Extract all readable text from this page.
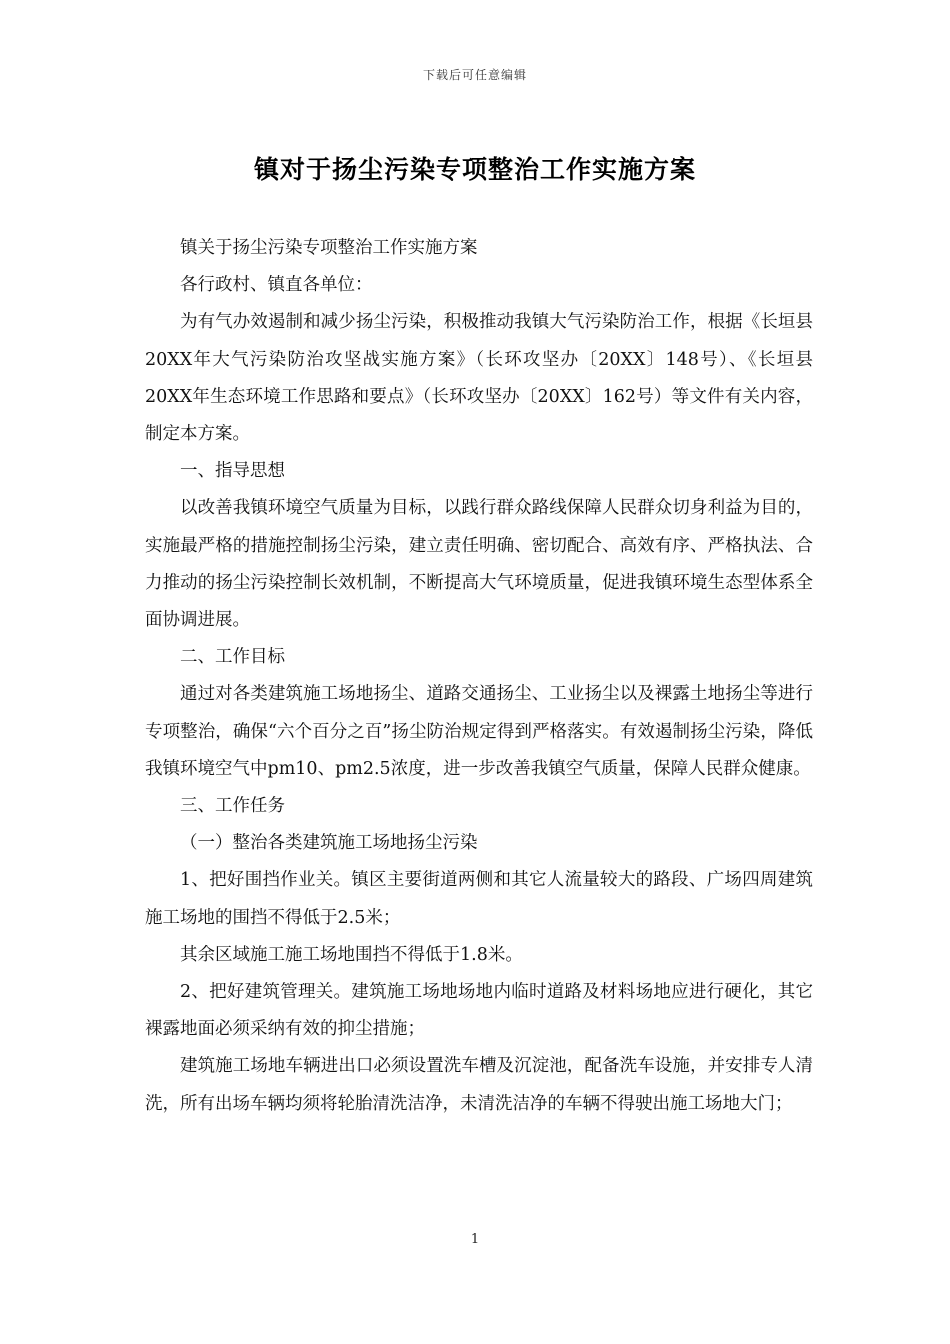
下载后可任意编辑
镇对于扬尘污染专项整治工作实施方案

镇关于扬尘污染专项整治工作实施方案

各行政村、镇直各单位：

为有气办效遏制和减少扬尘污染，积极推动我镇大气污染防治工作，根据《长垣县20XX年大气污染防治攻坚战实施方案》（长环攻坚办〔20XX〕148号）、《长垣县20XX年生态环境工作思路和要点》（长环攻坚办〔20XX〕162号）等文件有关内容，制定本方案。

一、指导思想

以改善我镇环境空气质量为目标，以践行群众路线保障人民群众切身利益为目的，实施最严格的措施控制扬尘污染，建立责任明确、密切配合、高效有序、严格执法、合力推动的扬尘污染控制长效机制，不断提高大气环境质量，促进我镇环境生态型体系全面协调进展。

二、工作目标

通过对各类建筑施工场地扬尘、道路交通扬尘、工业扬尘以及裸露土地扬尘等进行专项整治，确保“六个百分之百”扬尘防治规定得到严格落实。有效遏制扬尘污染，降低我镇环境空气中pm10、pm2.5浓度，进一步改善我镇空气质量，保障人民群众健康。

三、工作任务

（一）整治各类建筑施工场地扬尘污染

1、把好围挡作业关。镇区主要街道两侧和其它人流量较大的路段、广场四周建筑施工场地的围挡不得低于2.5米；

其余区域施工施工场地围挡不得低于1.8米。

2、把好建筑管理关。建筑施工场地场地内临时道路及材料场地应进行硬化，其它裸露地面必须采纳有效的抑尘措施；

建筑施工场地车辆进出口必须设置洗车槽及沉淀池，配备洗车设施，并安排专人清洗，所有出场车辆均须将轮胎清洗洁净，未清洗洁净的车辆不得驶出施工场地大门；

1
